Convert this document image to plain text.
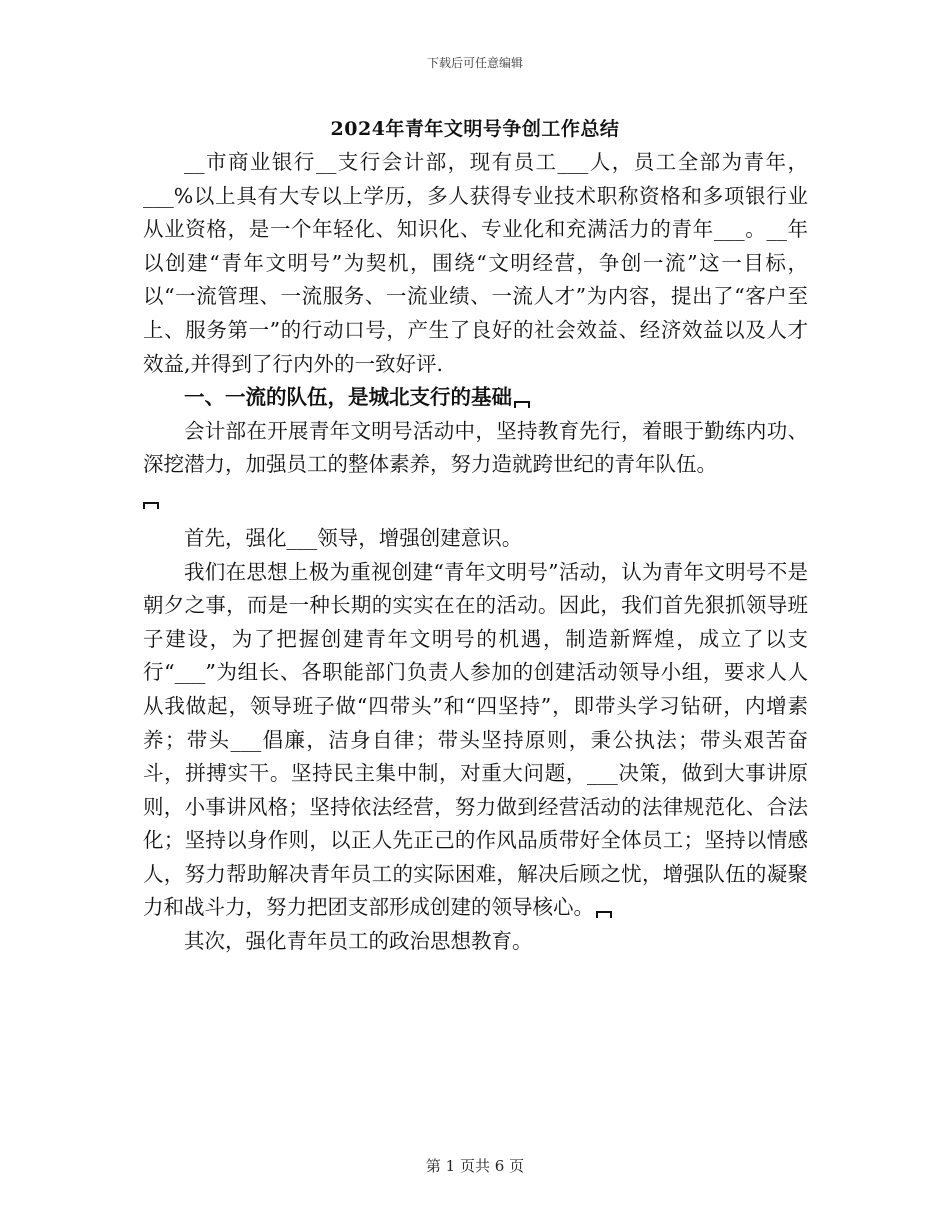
下载后可任意编辑
2024年青年文明号争创工作总结

__市商业银行__支行会计部，现有员工___人，员工全部为青年，___%以上具有大专以上学历，多人获得专业技术职称资格和多项银行业从业资格，是一个年轻化、知识化、专业化和充满活力的青年___。__年以创建“青年文明号”为契机，围绕“文明经营，争创一流”这一目标，以“一流管理、一流服务、一流业绩、一流人才”为内容，提出了“客户至上、服务第一”的行动口号，产生了良好的社会效益、经济效益以及人才效益,并得到了行内外的一致好评.

一、一流的队伍，是城北支行的基础

会计部在开展青年文明号活动中，坚持教育先行，着眼于勤练内功、深挖潜力，加强员工的整体素养，努力造就跨世纪的青年队伍。

首先，强化___领导，增强创建意识。

我们在思想上极为重视创建“青年文明号”活动，认为青年文明号不是朝夕之事，而是一种长期的实实在在的活动。因此，我们首先狠抓领导班子建设，为了把握创建青年文明号的机遇，制造新辉煌，成立了以支行“___”为组长、各职能部门负责人参加的创建活动领导小组，要求人人从我做起，领导班子做“四带头”和“四坚持”，即带头学习钻研，内增素养；带头___倡廉，洁身自律；带头坚持原则，秉公执法；带头艰苦奋斗，拼搏实干。坚持民主集中制，对重大问题，___决策，做到大事讲原则，小事讲风格；坚持依法经营，努力做到经营活动的法律规范化、合法化；坚持以身作则，以正人先正己的作风品质带好全体员工；坚持以情感人，努力帮助解决青年员工的实际困难，解决后顾之忧，增强队伍的凝聚力和战斗力，努力把团支部形成创建的领导核心。

其次，强化青年员工的政治思想教育。

第 1 页共 6 页
